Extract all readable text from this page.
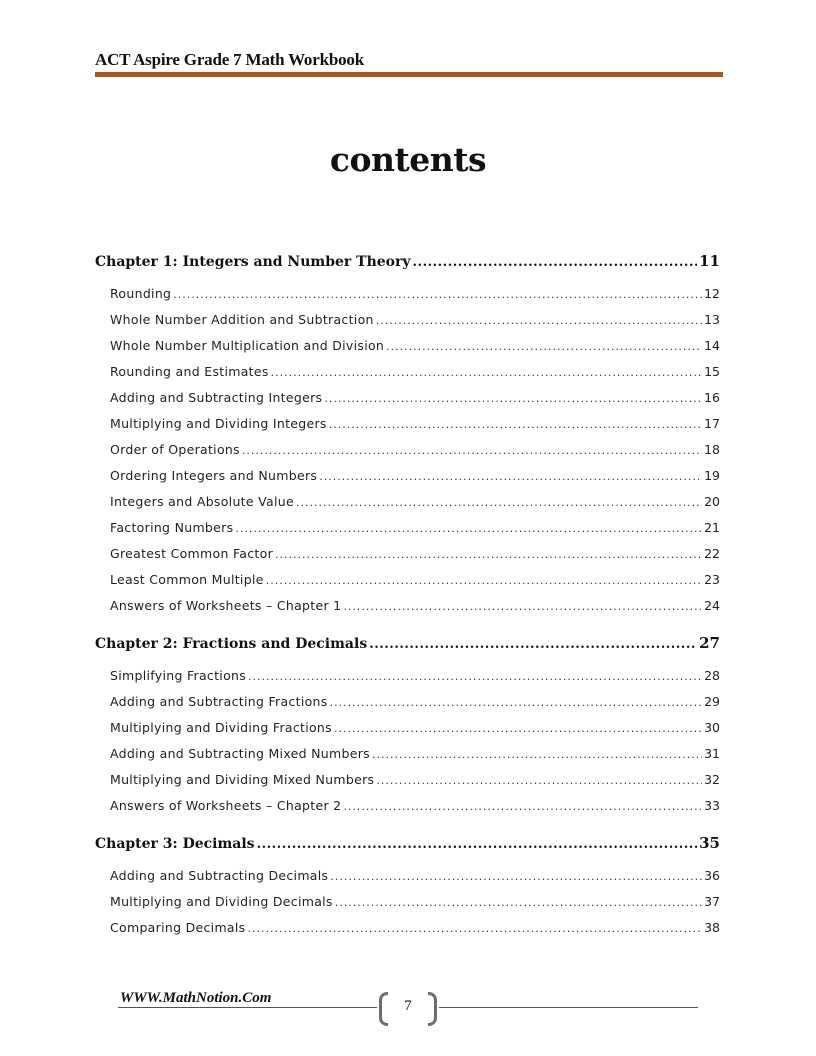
ACT Aspire Grade 7 Math Workbook
contents
Chapter 1: Integers and Number Theory .....	11
Rounding .....	12
Whole Number Addition and Subtraction .....	13
Whole Number Multiplication and Division .....	14
Rounding and Estimates .....	15
Adding and Subtracting Integers .....	16
Multiplying and Dividing Integers .....	17
Order of Operations .....	18
Ordering Integers and Numbers .....	19
Integers and Absolute Value .....	20
Factoring Numbers .....	21
Greatest Common Factor .....	22
Least Common Multiple .....	23
Answers of Worksheets – Chapter 1 .....	24
Chapter 2: Fractions and Decimals .....	27
Simplifying Fractions .....	28
Adding and Subtracting Fractions .....	29
Multiplying and Dividing Fractions .....	30
Adding and Subtracting Mixed Numbers .....	31
Multiplying and Dividing Mixed Numbers .....	32
Answers of Worksheets – Chapter 2 .....	33
Chapter 3: Decimals .....	35
Adding and Subtracting Decimals .....	36
Multiplying and Dividing Decimals .....	37
Comparing Decimals .....	38
WWW.MathNotion.Com	7
